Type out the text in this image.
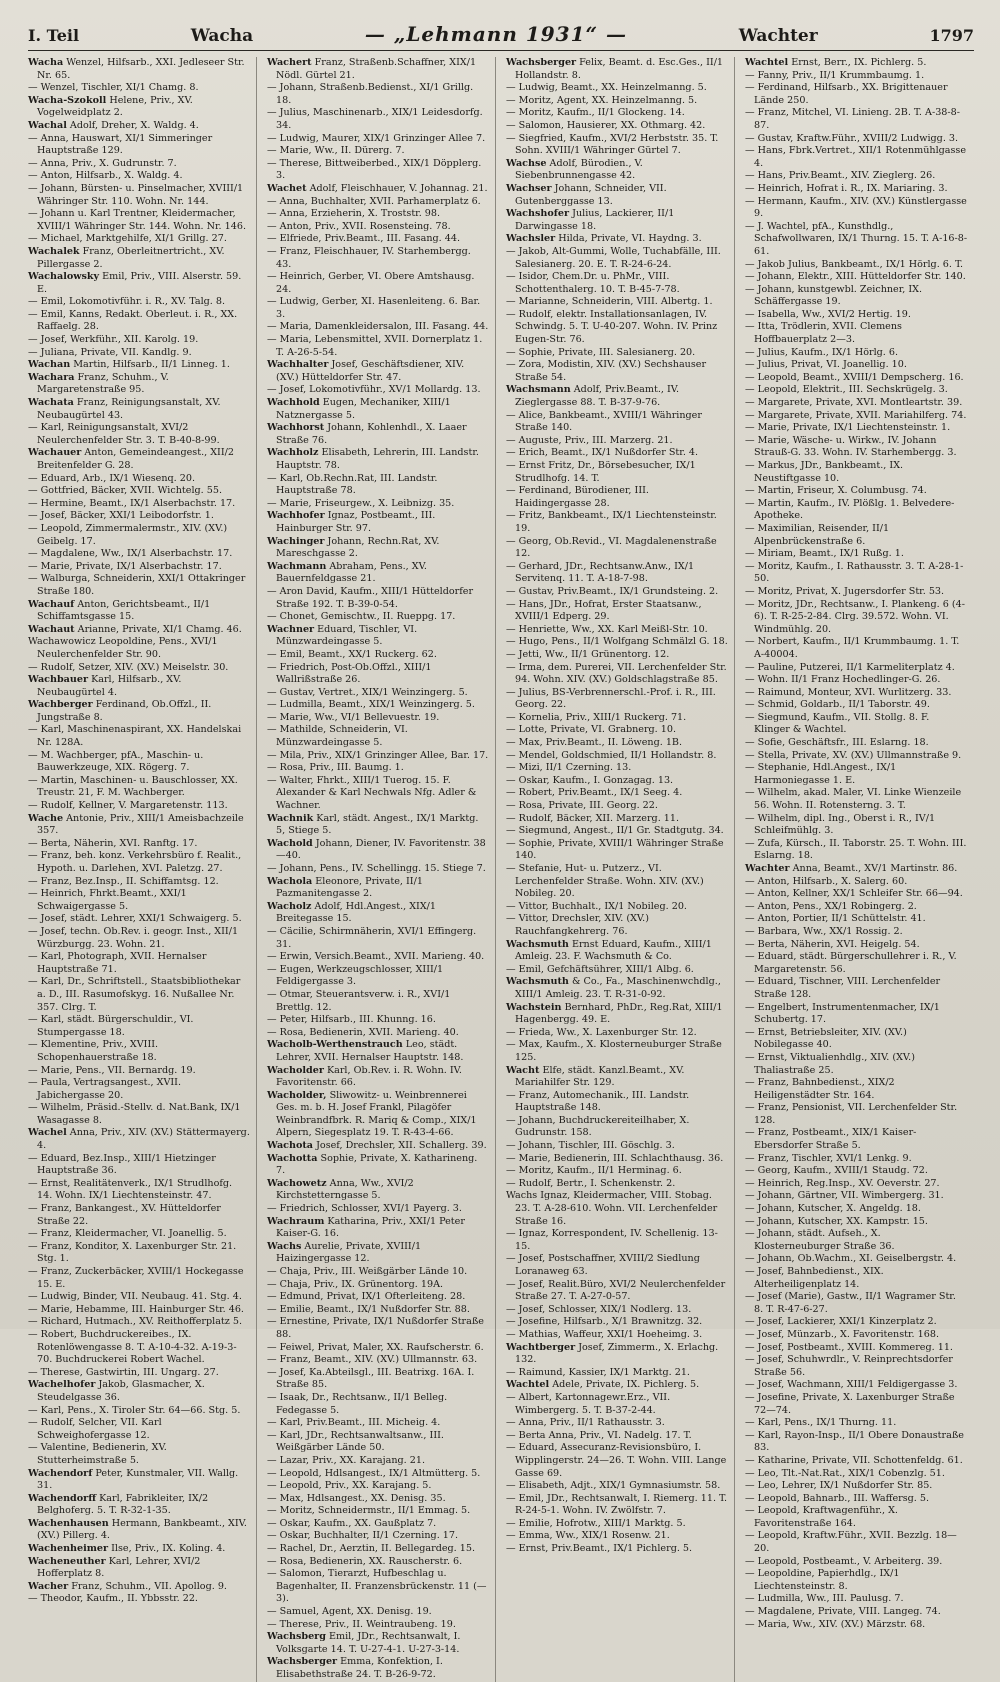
I. Teil	Wacha	— „Lehmann 1931“ —	Wachter	1797

Wacha Wenzel, Hilfsarb., XXI. Jedleseer Str. Nr. 65.

— Wenzel, Tischler, XI/1 Chamg. 8.

Wacha-Szokoll Helene, Priv., XV. Vogelweidplatz 2.

Wachal Adolf, Dreher, X. Waldg. 4.

— Anna, Hauswart, XI/1 Simmeringer Hauptstraße 129.

— Anna, Priv., X. Gudrunstr. 7.

— Anton, Hilfsarb., X. Waldg. 4.

— Johann, Bürsten- u. Pinselmacher, XVIII/1 Währinger Str. 110. Wohn. Nr. 144.

— Johann u. Karl Trentner, Kleidermacher, XVIII/1 Währinger Str. 144. Wohn. Nr. 146.

— Michael, Marktgehilfe, XI/1 Grillg. 27.

Wachalek Franz, Oberleitnertricht., XV. Pillergasse 2.

Wachalowsky Emil, Priv., VIII. Alserstr. 59. E.

— Emil, Lokomotivführ. i. R., XV. Talg. 8.

— Emil, Kanns, Redakt. Oberleut. i. R., XX. Raffaelg. 28.

— Josef, Werkführ., XII. Karolg. 19.

— Juliana, Private, VII. Kandlg. 9.

Wachan Martin, Hilfsarb., II/1 Linneg. 1.

Wachara Franz, Schuhm., V. Margaretenstraße 95.

Wachata Franz, Reinigungsanstalt, XV. Neubaugürtel 43.

— Karl, Reinigungsanstalt, XVI/2 Neulerchenfelder Str. 3. T. B-40-8-99.

Wachauer Anton, Gemeindeangest., XII/2 Breitenfelder G. 28.

— Eduard, Arb., IX/1 Wiesenq. 20.

— Gottfried, Bäcker, XVII. Wichtelg. 55.

— Hermine, Beamt., IX/1 Alserbachstr. 17.

— Josef, Bäcker, XXI/1 Leibodorfstr. 1.

— Leopold, Zimmermalermstr., XIV. (XV.) Geibelg. 17.

— Magdalene, Ww., IX/1 Alserbachstr. 17.

— Marie, Private, IX/1 Alserbachstr. 17.

— Walburga, Schneiderin, XXI/1 Ottakringer Straße 180.

Wachauf Anton, Gerichtsbeamt., II/1 Schiffamtsgasse 15.

Wachaut Arianne, Private, XI/1 Chamg. 46.

Wachawowicz Leopoldine, Pens., XVI/1 Neulerchenfelder Str. 90.

— Rudolf, Setzer, XIV. (XV.) Meiselstr. 30.

Wachbauer Karl, Hilfsarb., XV. Neubaugürtel 4.

Wachberger Ferdinand, Ob.Offzl., II. Jungstraße 8.

— Karl, Maschinenaspirant, XX. Handelskai Nr. 128A.

— M. Wachberger, pfA., Maschin- u. Bauwerkzeuge, XIX. Rögerg. 7.

— Martin, Maschinen- u. Bauschlosser, XX. Treustr. 21, F. M. Wachberger.

— Rudolf, Kellner, V. Margaretenstr. 113.

Wache Antonie, Priv., XIII/1 Ameisbachzeile 357.

— Berta, Näherin, XVI. Ranftg. 17.

— Franz, beh. konz. Verkehrsbüro f. Realit., Hypoth. u. Darlehen, XVI. Paletzg. 27.

— Franz, Bez.Insp., II. Schiffamtsg. 12.

— Heinrich, Fhrkt.Beamt., XXI/1 Schwaigergasse 5.

— Josef, städt. Lehrer, XXI/1 Schwaigerg. 5.

— Josef, techn. Ob.Rev. i. geogr. Inst., XII/1 Würzburgg. 23. Wohn. 21.

— Karl, Photograph, XVII. Hernalser Hauptstraße 71.

— Karl, Dr., Schriftstell., Staatsbibliothekar a. D., III. Rasumofskyg. 16. Nußallee Nr. 357. Clrg. T.

— Karl, städt. Bürgerschuldir., VI. Stumpergasse 18.

— Klementine, Priv., XVIII. Schopenhauerstraße 18.

— Marie, Pens., VII. Bernardg. 19.

— Paula, Vertragsangest., XVII. Jabichergasse 20.

— Wilhelm, Präsid.-Stellv. d. Nat.Bank, IX/1 Wasagasse 8.

Wachel Anna, Priv., XIV. (XV.) Stättermayerg. 4.

— Eduard, Bez.Insp., XIII/1 Hietzinger Hauptstraße 36.

— Ernst, Realitätenverk., IX/1 Strudlhofg. 14. Wohn. IX/1 Liechtensteinstr. 47.

— Franz, Bankangest., XV. Hütteldorfer Straße 22.

— Franz, Kleidermacher, VI. Joanellig. 5.

— Franz, Konditor, X. Laxenburger Str. 21. Stg. 1.

— Franz, Zuckerbäcker, XVIII/1 Hockegasse 15. E.

— Ludwig, Binder, VII. Neubaug. 41. Stg. 4.

— Marie, Hebamme, III. Hainburger Str. 46.

— Richard, Hutmach., XV. Reithofferplatz 5.

— Robert, Buchdruckereibes., IX. Rotenlöwengasse 8. T. A-10-4-32. A-19-3-70. Buchdruckerei Robert Wachel.

— Therese, Gastwirtin, III. Ungarg. 27.

Wachelhofer Jakob, Glasmacher, X. Steudelgasse 36.

— Karl, Pens., X. Tiroler Str. 64—66. Stg. 5.

— Rudolf, Selcher, VII. Karl Schweighofergasse 12.

— Valentine, Bedienerin, XV. Stutterheimstraße 5.

Wachendorf Peter, Kunstmaler, VII. Wallg. 31.

Wachendorff Karl, Fabrikleiter, IX/2 Belghoferg. 5. T. R-32-1-35.

Wachenhausen Hermann, Bankbeamt., XIV. (XV.) Pillerg. 4.

Wachenheimer Ilse, Priv., IX. Koling. 4.

Wacheneuther Karl, Lehrer, XVI/2 Hofferplatz 8.

Wacher Franz, Schuhm., VII. Apollog. 9.

— Theodor, Kaufm., II. Ybbsstr. 22.

Wachert Franz, Straßenb.Schaffner, XIX/1 Nödl. Gürtel 21.

— Johann, Straßenb.Bedienst., XI/1 Grillg. 18.

— Julius, Maschinenarb., XIX/1 Leidesdorfg. 34.

— Ludwig, Maurer, XIX/1 Grinzinger Allee 7.

— Marie, Ww., II. Dürerg. 7.

— Therese, Bittweiberbed., XIX/1 Döpplerg. 3.

Wachet Adolf, Fleischhauer, V. Johannag. 21.

— Anna, Buchhalter, XVII. Parhamerplatz 6.

— Anna, Erzieherin, X. Troststr. 98.

— Anton, Priv., XVII. Rosensteing. 78.

— Elfriede, Priv.Beamt., III. Fasang. 44.

— Franz, Fleischhauer, IV. Starhembergg. 43.

— Heinrich, Gerber, VI. Obere Amtshausg. 24.

— Ludwig, Gerber, XI. Hasenleiteng. 6. Bar. 3.

— Maria, Damenkleidersalon, III. Fasang. 44.

— Maria, Lebensmittel, XVII. Dornerplatz 1. T. A-26-5-54.

Wachhalter Josef, Geschäftsdiener, XIV. (XV.) Hütteldorfer Str. 47.

— Josef, Lokomotivführ., XV/1 Mollardg. 13.

Wachhold Eugen, Mechaniker, XIII/1 Natznergasse 5.

Wachhorst Johann, Kohlenhdl., X. Laaer Straße 76.

Wachholz Elisabeth, Lehrerin, III. Landstr. Hauptstr. 78.

— Karl, Ob.Rechn.Rat, III. Landstr. Hauptstraße 78.

— Marie, Friseurgew., X. Leibnizg. 35.

Wachhofer Ignaz, Postbeamt., III. Hainburger Str. 97.

Wachinger Johann, Rechn.Rat, XV. Mareschgasse 2.

Wachmann Abraham, Pens., XV. Bauernfeldgasse 21.

— Aron David, Kaufm., XIII/1 Hütteldorfer Straße 192. T. B-39-0-54.

— Chonet, Gemischtw., II. Rueppg. 17.

Wachner Eduard, Tischler, VI. Münzwardeingasse 5.

— Emil, Beamt., XX/1 Ruckerg. 62.

— Friedrich, Post-Ob.Offzl., XIII/1 Wallrißstraße 26.

— Gustav, Vertret., XIX/1 Weinzingerg. 5.

— Ludmilla, Beamt., XIX/1 Weinzingerg. 5.

— Marie, Ww., VI/1 Bellevuestr. 19.

— Mathilde, Schneiderin, VI. Münzwardeingasse 5.

— Mila, Priv., XIX/1 Grinzinger Allee, Bar. 17.

— Rosa, Priv., III. Baumg. 1.

— Walter, Fhrkt., XIII/1 Tuerog. 15. F. Alexander & Karl Nechwals Nfg. Adler & Wachner.

Wachnik Karl, städt. Angest., IX/1 Marktg. 5, Stiege 5.

Wachold Johann, Diener, IV. Favoritenstr. 38—40.

— Johann, Pens., IV. Schellingg. 15. Stiege 7.

Wachola Eleonore, Private, II/1 Pazmanitengasse 2.

Wacholz Adolf, Hdl.Angest., XIX/1 Breitegasse 15.

— Cäcilie, Schirmnäherin, XVI/1 Effingerg. 31.

— Erwin, Versich.Beamt., XVII. Marieng. 40.

— Eugen, Werkzeugschlosser, XIII/1 Feldigergasse 3.

— Otmar, Steuerantsverw. i. R., XVI/1 Brettlg. 12.

— Peter, Hilfsarb., III. Khunng. 16.

— Rosa, Bedienerin, XVII. Marieng. 40.

Wacholb-Werthenstrauch Leo, städt. Lehrer, XVII. Hernalser Hauptstr. 148.

Wacholder Karl, Ob.Rev. i. R. Wohn. IV. Favoritenstr. 66.

Wacholder, Sliwowitz- u. Weinbrennerei Ges. m. b. H. Josef Frankl, Pilagöfer Weinbrandfbrk. R. Mariq & Comp., XIX/1 Alpern, Siegesplatz 19. T. R-43-4-66.

Wachota Josef, Drechsler, XII. Schallerg. 39.

Wachotta Sophie, Private, X. Katharineng. 7.

Wachowetz Anna, Ww., XVI/2 Kirchstetterngasse 5.

— Friedrich, Schlosser, XVI/1 Payerg. 3.

Wachraum Katharina, Priv., XXI/1 Peter Kaiser-G. 16.

Wachs Aurelie, Private, XVIII/1 Haizingergasse 12.

— Chaja, Priv., III. Weißgärber Lände 10.

— Chaja, Priv., IX. Grünentorg. 19A.

— Edmund, Privat, IX/1 Ofterleiteng. 28.

— Emilie, Beamt., IX/1 Nußdorfer Str. 88.

— Ernestine, Private, IX/1 Nußdorfer Straße 88.

— Feiwel, Privat, Maler, XX. Raufscherstr. 6.

— Franz, Beamt., XIV. (XV.) Ullmannstr. 63.

— Josef, Ka.Abteilsgl., III. Beatrixg. 16A. I. Straße 85.

— Isaak, Dr., Rechtsanw., II/1 Belleg. Fedegasse 5.

— Karl, Priv.Beamt., III. Micheig. 4.

— Karl, JDr., Rechtsanwaltsanw., III. Weißgärber Lände 50.

— Lazar, Priv., XX. Karajang. 21.

— Leopold, Hdlsangest., IX/1 Altmütterg. 5.

— Leopold, Priv., XX. Karajang. 5.

— Max, Hdlsangest., XX. Denisg. 35.

— Moritz, Schneidermstr., II/1 Emmag. 5.

— Oskar, Kaufm., XX. Gaußplatz 7.

— Oskar, Buchhalter, II/1 Czerning. 17.

— Rachel, Dr., Aerztin, II. Bellegardeg. 15.

— Rosa, Bedienerin, XX. Rauscherstr. 6.

— Salomon, Tierarzt, Hufbeschlag u. Bagenhalter, II. Franzensbrückenstr. 11 (—3).

— Samuel, Agent, XX. Denisg. 19.

— Therese, Priv., II. Weintraubeng. 19.

Wachsberg Emil, JDr., Rechtsanwalt, I. Volksgarte 14. T. U-27-4-1. U-27-3-14.

Wachsberger Emma, Konfektion, I. Elisabethstraße 24. T. B-26-9-72.

Wachsberger Felix, Beamt. d. Esc.Ges., II/1 Hollandstr. 8.

— Ludwig, Beamt., XX. Heinzelmanng. 5.

— Moritz, Agent, XX. Heinzelmanng. 5.

— Moritz, Kaufm., II/1 Glockeng. 14.

— Salomon, Hausierer, XX. Othmarg. 42.

— Siegfried, Kaufm., XVI/2 Herbststr. 35. T. Sohn. XVIII/1 Währinger Gürtel 7.

Wachse Adolf, Bürodien., V. Siebenbrunnengasse 42.

Wachser Johann, Schneider, VII. Gutenberggasse 13.

Wachshofer Julius, Lackierer, II/1 Darwingasse 18.

Wachsler Hilda, Private, VI. Haydng. 3.

— Jakob, Alt-Gummi, Wolle, Tuchabfälle, III. Salesianerg. 20. E. T. R-24-6-24.

— Isidor, Chem.Dr. u. PhMr., VIII. Schottenthalerg. 10. T. B-45-7-78.

— Marianne, Schneiderin, VIII. Albertg. 1.

— Rudolf, elektr. Installationsanlagen, IV. Schwindg. 5. T. U-40-207. Wohn. IV. Prinz Eugen-Str. 76.

— Sophie, Private, III. Salesianerg. 20.

— Zora, Modistin, XIV. (XV.) Sechshauser Straße 54.

Wachsmann Adolf, Priv.Beamt., IV. Zieglergasse 88. T. B-37-9-76.

— Alice, Bankbeamt., XVIII/1 Währinger Straße 140.

— Auguste, Priv., III. Marzerg. 21.

— Erich, Beamt., IX/1 Nußdorfer Str. 4.

— Ernst Fritz, Dr., Börsebesucher, IX/1 Strudlhofg. 14. T.

— Ferdinand, Bürodiener, III. Haidingergasse 28.

— Fritz, Bankbeamt., IX/1 Liechtensteinstr. 19.

— Georg, Ob.Revid., VI. Magdalenenstraße 12.

— Gerhard, JDr., Rechtsanw.Anw., IX/1 Servitenq. 11. T. A-18-7-98.

— Gustav, Priv.Beamt., IX/1 Grundsteing. 2.

— Hans, JDr., Hofrat, Erster Staatsanw., XVIII/1 Edperg. 29.

— Henriette, Ww., XX. Karl Meißl-Str. 10.

— Hugo, Pens., II/1 Wolfgang Schmälzl G. 18.

— Jetti, Ww., II/1 Grünentorg. 12.

— Irma, dem. Purerei, VII. Lerchenfelder Str. 94. Wohn. XIV. (XV.) Goldschlagstraße 85.

— Julius, BS-Verbrennerschl.-Prof. i. R., III. Georg. 22.

— Kornelia, Priv., XIII/1 Ruckerg. 71.

— Lotte, Private, VI. Grabnerg. 10.

— Max, Priv.Beamt., II. Löweng. 1B.

— Mendel, Goldschmied, II/1 Hollandstr. 8.

— Mizi, II/1 Czerning. 13.

— Oskar, Kaufm., I. Gonzagag. 13.

— Robert, Priv.Beamt., IX/1 Seeg. 4.

— Rosa, Private, III. Georg. 22.

— Rudolf, Bäcker, XII. Marzerg. 11.

— Siegmund, Angest., II/1 Gr. Stadtgutg. 34.

— Sophie, Private, XVIII/1 Währinger Straße 140.

— Stefanie, Hut- u. Putzerz., VI. Lerchenfelder Straße. Wohn. XIV. (XV.) Nobileg. 20.

— Vittor, Buchhalt., IX/1 Nobileg. 20.

— Vittor, Drechsler, XIV. (XV.) Rauchfangkehrerg. 76.

Wachsmuth Ernst Eduard, Kaufm., XIII/1 Amleig. 23. F. Wachsmuth & Co.

— Emil, Gefchäftsührer, XIII/1 Albg. 6.

Wachsmuth & Co., Fa., Maschinenwchdlg., XIII/1 Amleig. 23. T. R-31-0-92.

Wachstein Bernhard, PhDr., Reg.Rat, XIII/1 Hagenbergg. 49. E.

— Frieda, Ww., X. Laxenburger Str. 12.

— Max, Kaufm., X. Klosterneuburger Straße 125.

Wacht Elfe, städt. Kanzl.Beamt., XV. Mariahilfer Str. 129.

— Franz, Automechanik., III. Landstr. Hauptstraße 148.

— Johann, Buchdruckereiteilhaber, X. Gudrunstr. 158.

— Johann, Tischler, III. Göschlg. 3.

— Marie, Bedienerin, III. Schlachthausg. 36.

— Moritz, Kaufm., II/1 Herminag. 6.

— Rudolf, Bertr., I. Schenkenstr. 2.

Wachs Ignaz, Kleidermacher, VIII. Stobag. 23. T. A-28-610. Wohn. VII. Lerchenfelder Straße 16.

— Ignaz, Korrespondent, IV. Schellenig. 13-15.

— Josef, Postschaffner, XVIII/2 Siedlung Loranaweg 63.

— Josef, Realit.Büro, XVI/2 Neulerchenfelder Straße 27. T. A-27-0-57.

— Josef, Schlosser, XIX/1 Nodlerg. 13.

— Josefine, Hilfsarb., X/1 Brawnitzg. 32.

— Mathias, Waffeur, XXI/1 Hoeheimg. 3.

Wachtberger Josef, Zimmerm., X. Erlachg. 132.

— Raimund, Kassier, IX/1 Marktg. 21.

Wachtel Adele, Private, IX. Pichlerg. 5.

— Albert, Kartonnagewr.Erz., VII. Wimbergerg. 5. T. B-37-2-44.

— Anna, Priv., II/1 Rathausstr. 3.

— Berta Anna, Priv., VI. Nadelg. 17. T.

— Eduard, Assecuranz-Revisionsbüro, I. Wipplingerstr. 24—26. T. Wohn. VIII. Lange Gasse 69.

— Elisabeth, Adjt., XIX/1 Gymnasiumstr. 58.

— Emil, JDr., Rechtsanwalt, I. Riemerg. 11. T. R-24-5-1. Wohn. IV. Zwölfstr. 7.

— Emilie, Hofrotw., XIII/1 Marktg. 5.

— Emma, Ww., XIX/1 Rosenw. 21.

— Ernst, Priv.Beamt., IX/1 Pichlerg. 5.

Wachtel Ernst, Berr., IX. Pichlerg. 5.

— Fanny, Priv., II/1 Krummbaumg. 1.

— Ferdinand, Hilfsarb., XX. Brigittenauer Lände 250.

— Franz, Mitchel, VI. Linieng. 2B. T. A-38-8-87.

— Gustav, Kraftw.Führ., XVIII/2 Ludwigg. 3.

— Hans, Fbrk.Vertret., XII/1 Rotenmühlgasse 4.

— Hans, Priv.Beamt., XIV. Zieglerg. 26.

— Heinrich, Hofrat i. R., IX. Mariaring. 3.

— Hermann, Kaufm., XIV. (XV.) Künstlergasse 9.

— J. Wachtel, pfA., Kunsthdlg., Schafwollwaren, IX/1 Thurng. 15. T. A-16-8-61.

— Jakob Julius, Bankbeamt., IX/1 Hörlg. 6. T.

— Johann, Elektr., XIII. Hütteldorfer Str. 140.

— Johann, kunstgewbl. Zeichner, IX. Schäffergasse 19.

— Isabella, Ww., XVI/2 Hertig. 19.

— Itta, Trödlerin, XVII. Clemens Hoffbauerplatz 2—3.

— Julius, Kaufm., IX/1 Hörlg. 6.

— Julius, Privat, VI. Joanellig. 10.

— Leopold, Beamt., XVIII/1 Dempscherg. 16.

— Leopold, Elektrit., III. Sechskrügelg. 3.

— Margarete, Private, XVI. Montleartstr. 39.

— Margarete, Private, XVII. Mariahilferg. 74.

— Marie, Private, IX/1 Liechtensteinstr. 1.

— Marie, Wäsche- u. Wirkw., IV. Johann Strauß-G. 33. Wohn. IV. Starhembergg. 3.

— Markus, JDr., Bankbeamt., IX. Neustiftgasse 10.

— Martin, Friseur, X. Columbusg. 74.

— Martin, Kaufm., IV. Plößlg. 1. Belvedere-Apotheke.

— Maximilian, Reisender, II/1 Alpenbrückenstraße 6.

— Miriam, Beamt., IX/1 Rußg. 1.

— Moritz, Kaufm., I. Rathausstr. 3. T. A-28-1-50.

— Moritz, Privat, X. Jugersdorfer Str. 53.

— Moritz, JDr., Rechtsanw., I. Plankeng. 6 (4-6). T. R-25-2-84. Clrg. 39.572. Wohn. VI. Windmühlg. 20.

— Norbert, Kaufm., II/1 Krummbaumg. 1. T. A-40004.

— Pauline, Putzerei, II/1 Karmeliterplatz 4.

— Wohn. II/1 Franz Hochedlinger-G. 26.

— Raimund, Monteur, XVI. Wurlitzerg. 33.

— Schmid, Goldarb., II/1 Taborstr. 49.

— Siegmund, Kaufm., VII. Stollg. 8. F. Klinger & Wachtel.

— Sofie, Geschäftsfr., III. Eslarng. 18.

— Stella, Private, XV. (XV.) Ullmannstraße 9.

— Stephanie, Hdl.Angest., IX/1 Harmoniegasse 1. E.

— Wilhelm, akad. Maler, VI. Linke Wienzeile 56. Wohn. II. Rotensterng. 3. T.

— Wilhelm, dipl. Ing., Oberst i. R., IV/1 Schleifmühlg. 3.

— Zufa, Kürsch., II. Taborstr. 25. T. Wohn. III. Eslarng. 18.

Wachter Anna, Beamt., XV/1 Martinstr. 86.

— Anton, Hilfsarb., X. Salerg. 60.

— Anton, Kellner, XX/1 Schleifer Str. 66—94.

— Anton, Pens., XX/1 Robingerg. 2.

— Anton, Portier, II/1 Schüttelstr. 41.

— Barbara, Ww., XX/1 Rossig. 2.

— Berta, Näherin, XVI. Heigelg. 54.

— Eduard, städt. Bürgerschullehrer i. R., V. Margaretenstr. 56.

— Eduard, Tischner, VIII. Lerchenfelder Straße 128.

— Engelbert, Instrumentenmacher, IX/1 Schubertg. 17.

— Ernst, Betriebsleiter, XIV. (XV.) Nobilegasse 40.

— Ernst, Viktualienhdlg., XIV. (XV.) Thaliastraße 25.

— Franz, Bahnbedienst., XIX/2 Heiligenstädter Str. 164.

— Franz, Pensionist, VII. Lerchenfelder Str. 128.

— Franz, Postbeamt., XIX/1 Kaiser-Ebersdorfer Straße 5.

— Franz, Tischler, XVI/1 Lenkg. 9.

— Georg, Kaufm., XVIII/1 Staudg. 72.

— Heinrich, Reg.Insp., XV. Oeverstr. 27.

— Johann, Gärtner, VII. Wimbergerg. 31.

— Johann, Kutscher, X. Angeldg. 18.

— Johann, Kutscher, XX. Kampstr. 15.

— Johann, städt. Aufseh., X. Klosterneuburger Straße 36.

— Johann, Ob.Wachm., XI. Geiselbergstr. 4.

— Josef, Bahnbedienst., XIX. Alterheiligenplatz 14.

— Josef (Marie), Gastw., II/1 Wagramer Str. 8. T. R-47-6-27.

— Josef, Lackierer, XXI/1 Kinzerplatz 2.

— Josef, Münzarb., X. Favoritenstr. 168.

— Josef, Postbeamt., XVIII. Kommereg. 11.

— Josef, Schuhwrdlr., V. Reinprechtsdorfer Straße 56.

— Josef, Wachmann, XIII/1 Feldigergasse 3.

— Josefine, Private, X. Laxenburger Straße 72—74.

— Karl, Pens., IX/1 Thurng. 11.

— Karl, Rayon-Insp., II/1 Obere Donaustraße 83.

— Katharine, Private, VII. Schottenfeldg. 61.

— Leo, Tlt.-Nat.Rat., XIX/1 Cobenzlg. 51.

— Leo, Lehrer, IX/1 Nußdorfer Str. 85.

— Leopold, Bahnarb., III. Waffersg. 5.

— Leopold, Kraftwagenführ., X. Favoritenstraße 164.

— Leopold, Kraftw.Führ., XVII. Bezzlg. 18—20.

— Leopold, Postbeamt., V. Arbeiterg. 39.

— Leopoldine, Papierhdlg., IX/1 Liechtensteinstr. 8.

— Ludmilla, Ww., III. Paulusg. 7.

— Magdalene, Private, VIII. Langeg. 74.

— Maria, Ww., XIV. (XV.) Märzstr. 68.
